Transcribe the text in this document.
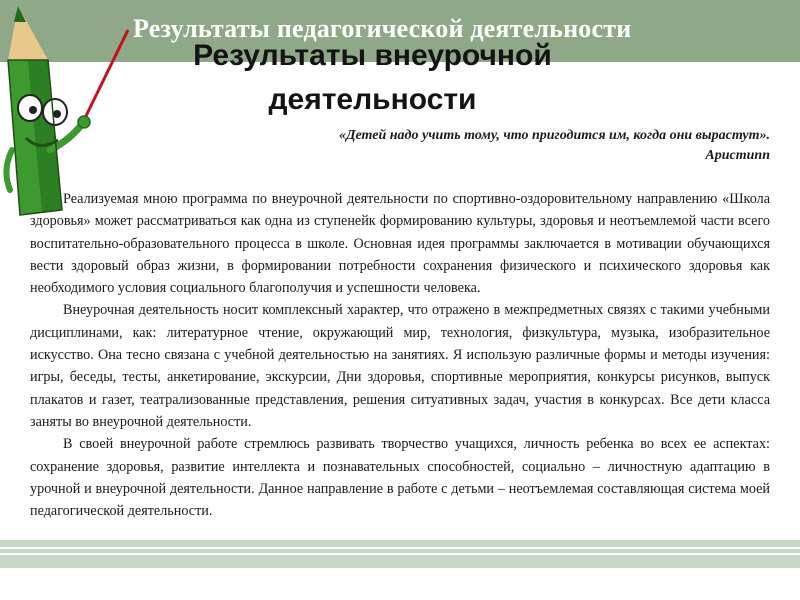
Результаты педагогической деятельности
Результаты внеурочной деятельности
«Детей надо учить тому, что пригодится им, когда они вырастут».
Аристипп

Реализуемая мною программа по внеурочной деятельности по спортивно-оздоровительному направлению «Школа здоровья» может рассматриваться как одна из ступенейк формированию культуры, здоровья и неотъемлемой части всего воспитательно-образовательного процесса в школе. Основная идея программы заключается в мотивации обучающихся вести здоровый образ жизни, в формировании потребности сохранения физического и психического здоровья как необходимого условия социального благополучия и успешности человека.

Внеурочная деятельность носит комплексный характер, что отражено в межпредметных связях с такими учебными дисциплинами, как: литературное чтение, окружающий мир, технология, физкультура, музыка, изобразительное искусство. Она тесно связана с учебной деятельностью на занятиях. Я использую различные формы и методы изучения: игры, беседы, тесты, анкетирование, экскурсии, Дни здоровья, спортивные мероприятия, конкурсы рисунков, выпуск плакатов и газет, театрализованные представления, решения ситуативных задач, участия в конкурсах. Все дети класса заняты во внеурочной деятельности.

В своей внеурочной работе стремлюсь развивать творчество учащихся, личность ребенка во всех ее аспектах: сохранение здоровья, развитие интеллекта и познавательных способностей, социально – личностную адаптацию в урочной и внеурочной деятельности. Данное направление в работе с детьми – неотъемлемая составляющая система моей педагогической деятельности.
